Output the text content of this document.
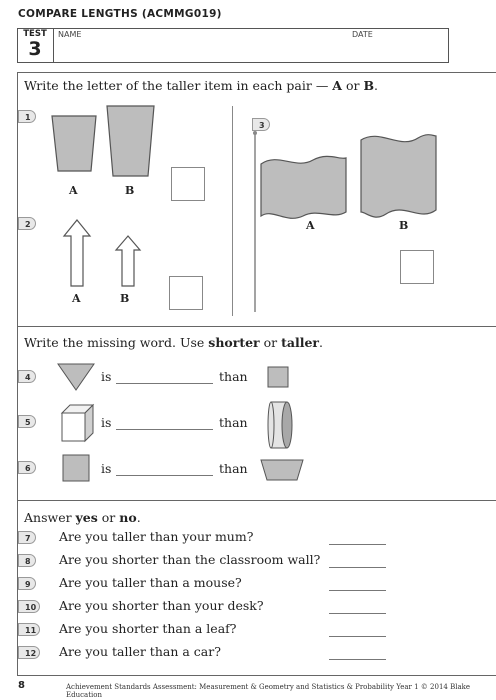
COMPARE LENGTHS (ACMMG019)
TEST
3
NAME	DATE
Write the letter of the taller item in each pair — A or B.
1
A	B
2
A	B
3
A	B
Write the missing word. Use shorter or taller.
4	is	than
5	is	than
6	is	than
Answer yes or no.
7	Are you taller than your mum?
8	Are you shorter than the classroom wall?
9	Are you taller than a mouse?
10	Are you shorter than your desk?
11	Are you shorter than a leaf?
12	Are you taller than a car?
8	Achievement Standards Assessment: Measurement & Geometry and Statistics & Probability Year 1 © 2014 Blake Education
